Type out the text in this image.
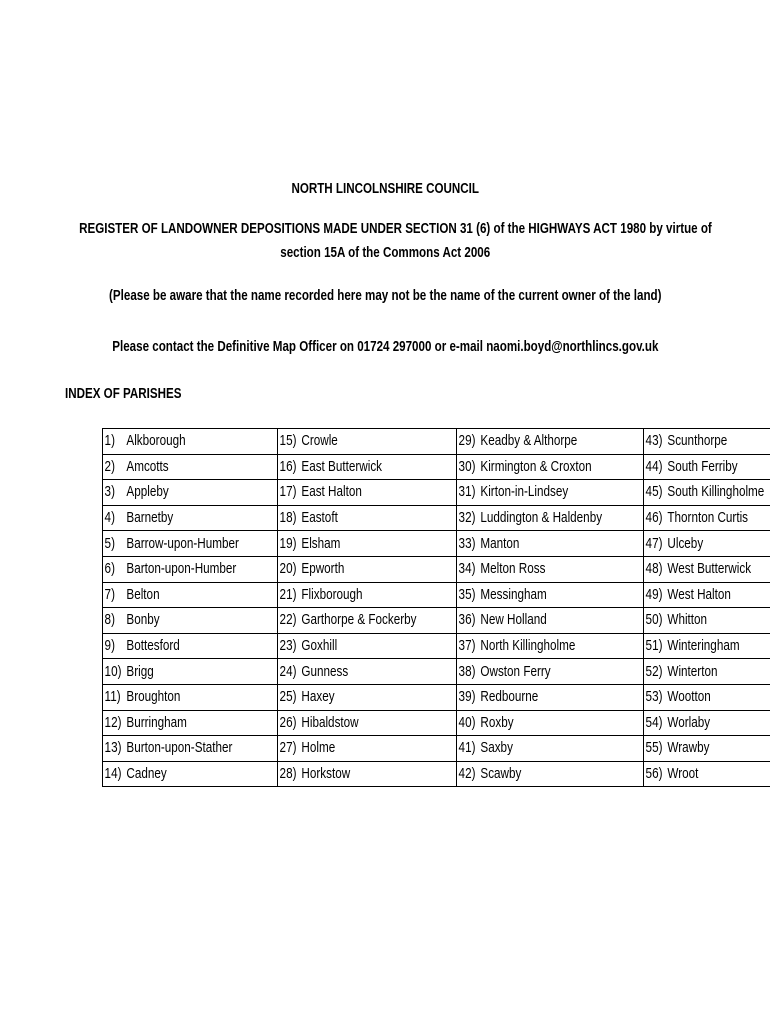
NORTH LINCOLNSHIRE COUNCIL
REGISTER OF LANDOWNER DEPOSITIONS MADE UNDER SECTION 31 (6) of the HIGHWAYS ACT 1980 by virtue of
section 15A of the Commons Act 2006
(Please be aware that the name recorded here may not be the name of the current owner of the land)
Please contact the Definitive Map Officer on 01724 297000 or e-mail naomi.boyd@northlincs.gov.uk
INDEX OF PARISHES
1) Alkborough	15) Crowle	29) Keadby & Althorpe	43) Scunthorpe
2) Amcotts	16) East Butterwick	30) Kirmington & Croxton	44) South Ferriby
3) Appleby	17) East Halton	31) Kirton-in-Lindsey	45) South Killingholme
4) Barnetby	18) Eastoft	32) Luddington & Haldenby	46) Thornton Curtis
5) Barrow-upon-Humber	19) Elsham	33) Manton	47) Ulceby
6) Barton-upon-Humber	20) Epworth	34) Melton Ross	48) West Butterwick
7) Belton	21) Flixborough	35) Messingham	49) West Halton
8) Bonby	22) Garthorpe & Fockerby	36) New Holland	50) Whitton
9) Bottesford	23) Goxhill	37) North Killingholme	51) Winteringham
10) Brigg	24) Gunness	38) Owston Ferry	52) Winterton
11) Broughton	25) Haxey	39) Redbourne	53) Wootton
12) Burringham	26) Hibaldstow	40) Roxby	54) Worlaby
13) Burton-upon-Stather	27) Holme	41) Saxby	55) Wrawby
14) Cadney	28) Horkstow	42) Scawby	56) Wroot
